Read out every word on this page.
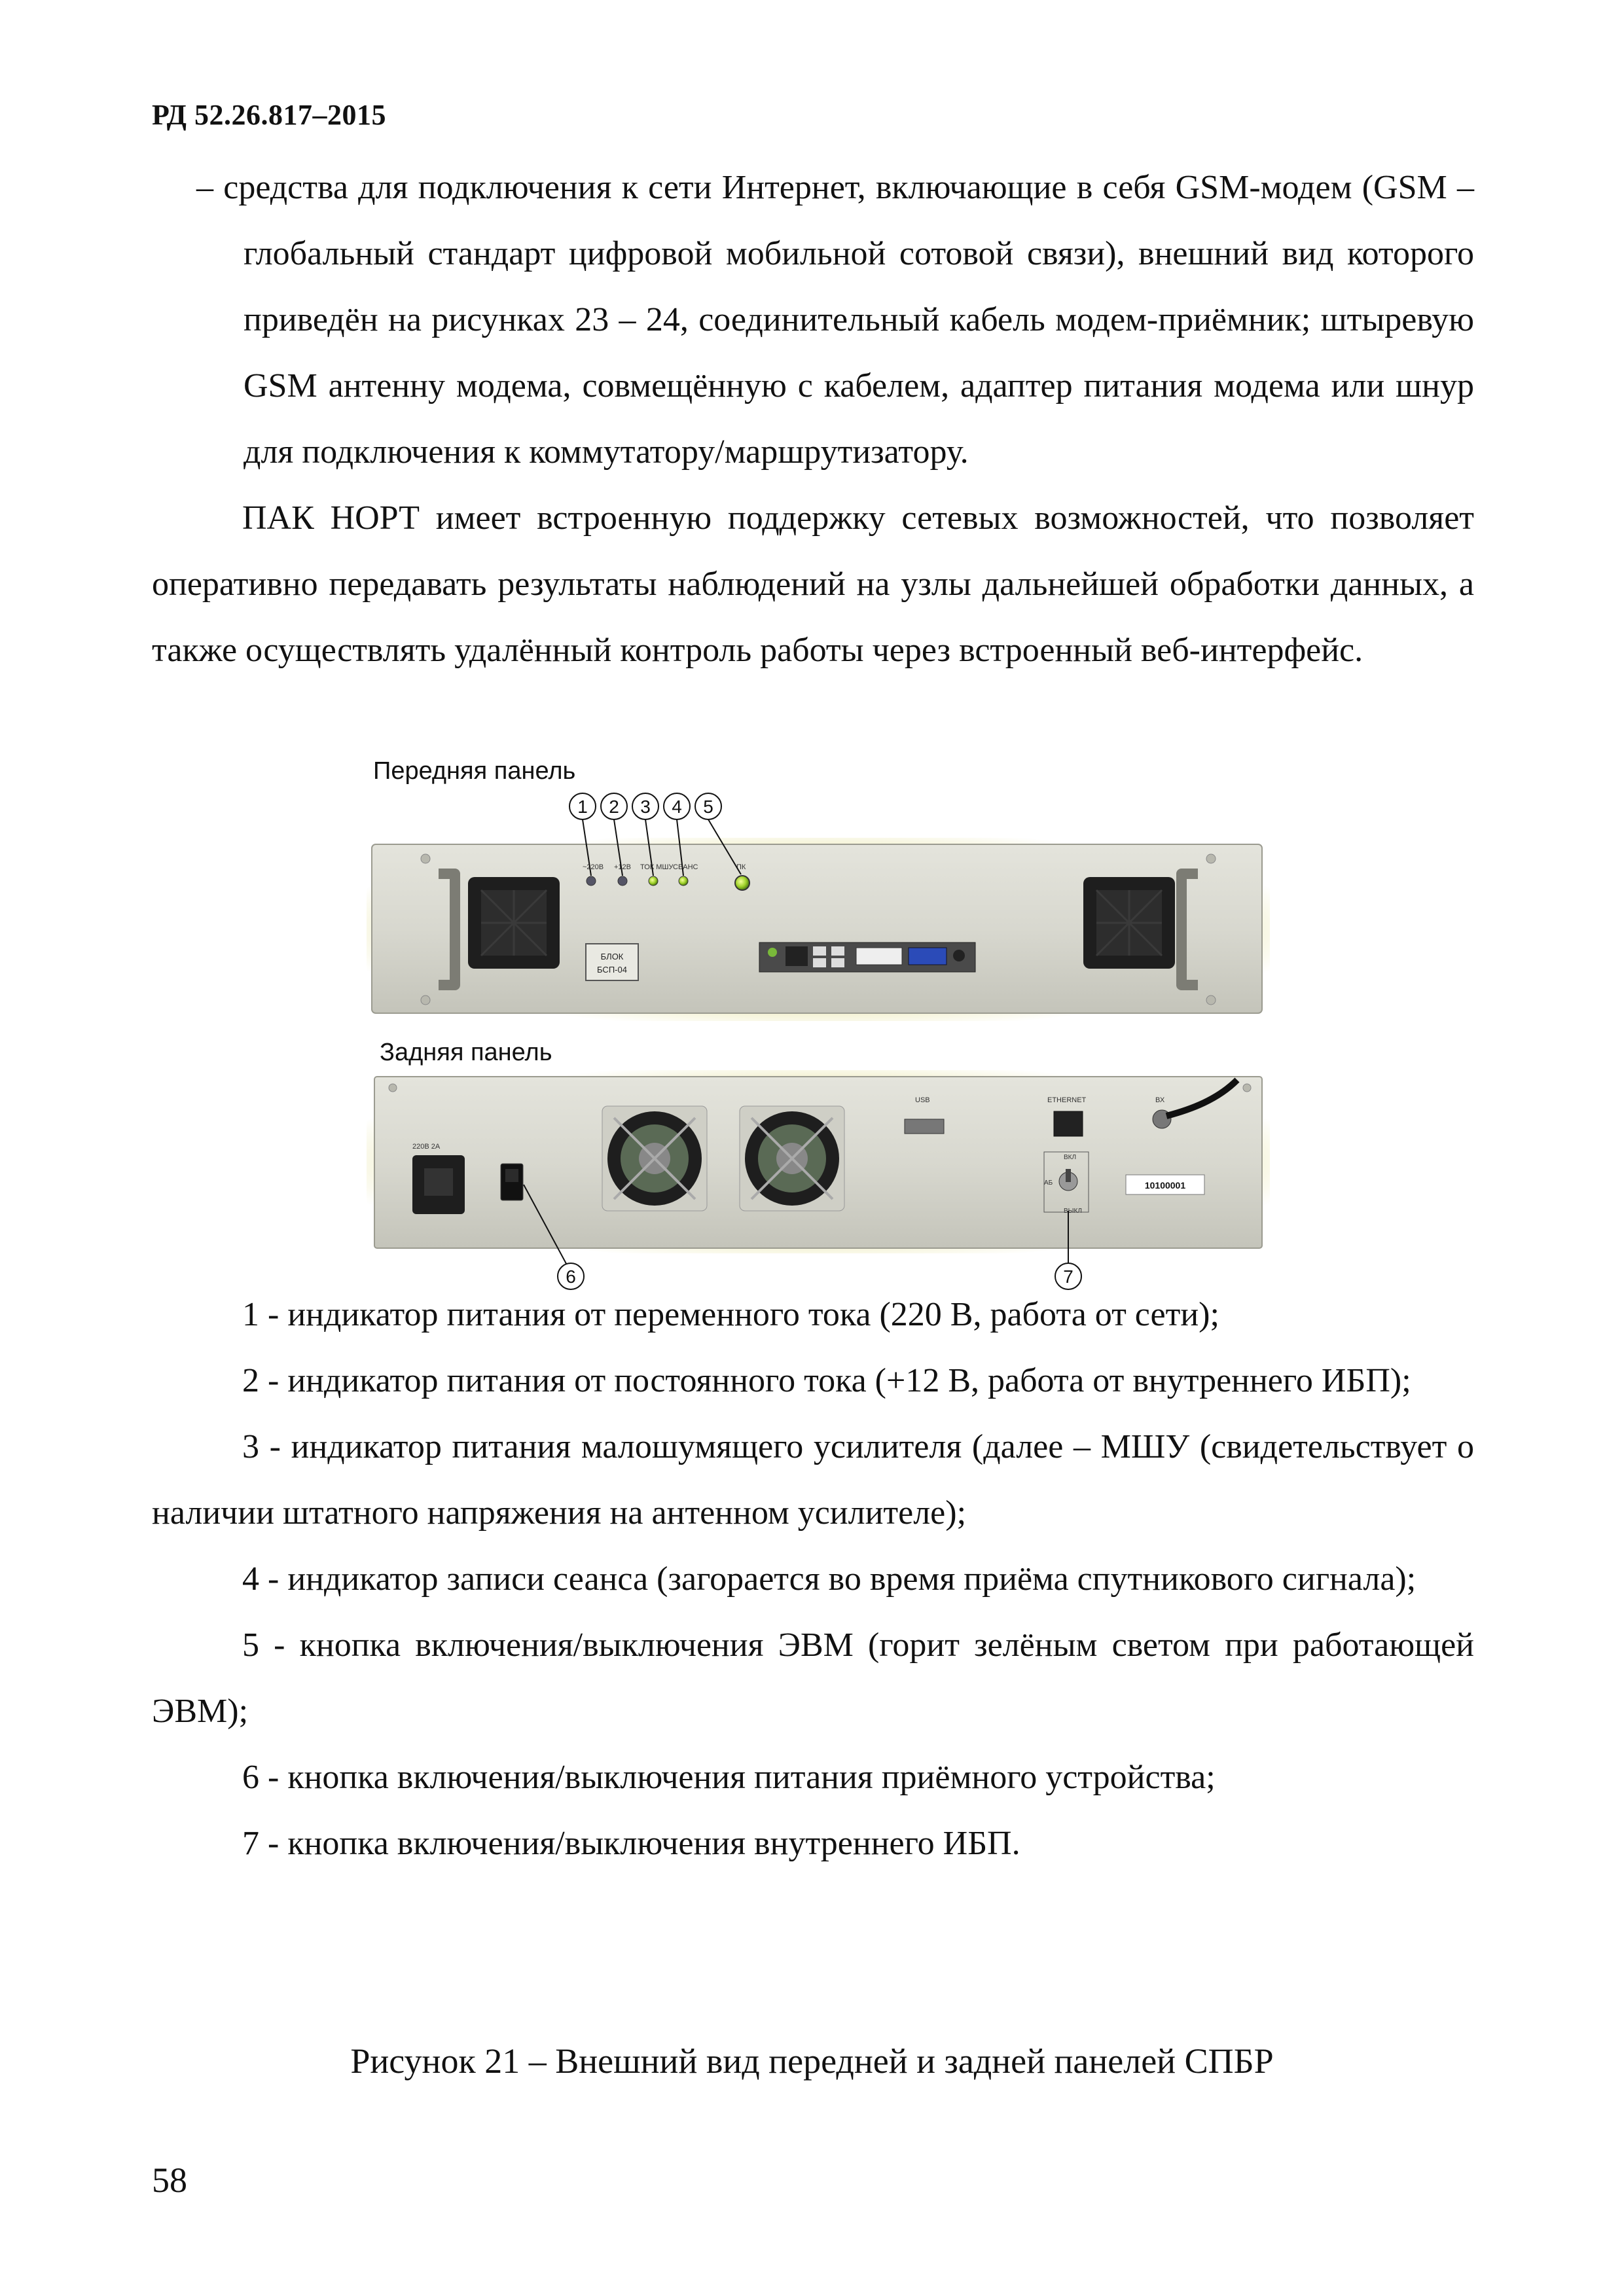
РД 52.26.817–2015

– средства для подключения к сети Интернет, включающие в себя GSM-модем (GSM – глобальный стандарт цифровой мобильной сотовой связи), внешний вид которого приведён на рисунках 23 – 24, соединительный кабель модем-приёмник; штыревую GSM антенну модема, совмещённую с кабелем, адаптер питания модема или шнур для подключения к коммутатору/маршрутизатору.

ПАК НОРТ имеет встроенную поддержку сетевых возможностей, что позволяет оперативно передавать результаты наблюдений на узлы дальнейшей обработки данных, а также осуществлять удалённый контроль работы через встроенный веб-интерфейс.

Передняя панель
~220В +12В ТОК МШУ СЕАНС	ПК
БЛОК
БСП-04
1 2 3 4 5
Задняя панель
220В 2А
USB	ETHERNET	ВХ
ВКЛ
АБ
ВЫКЛ
10100001
6	7

1 - индикатор питания от переменного тока (220 В, работа от сети);

2 - индикатор питания от постоянного тока (+12 В, работа от внутреннего ИБП);

3 - индикатор питания малошумящего усилителя (далее – МШУ (свидетельствует о наличии штатного напряжения на антенном усилителе);

4 - индикатор записи сеанса (загорается во время приёма спутникового сигнала);

5 - кнопка включения/выключения ЭВМ (горит зелёным светом при работающей ЭВМ);

6 - кнопка включения/выключения питания приёмного устройства;

7 - кнопка включения/выключения внутреннего ИБП.

Рисунок 21 – Внешний вид передней и задней панелей СПБР
58
